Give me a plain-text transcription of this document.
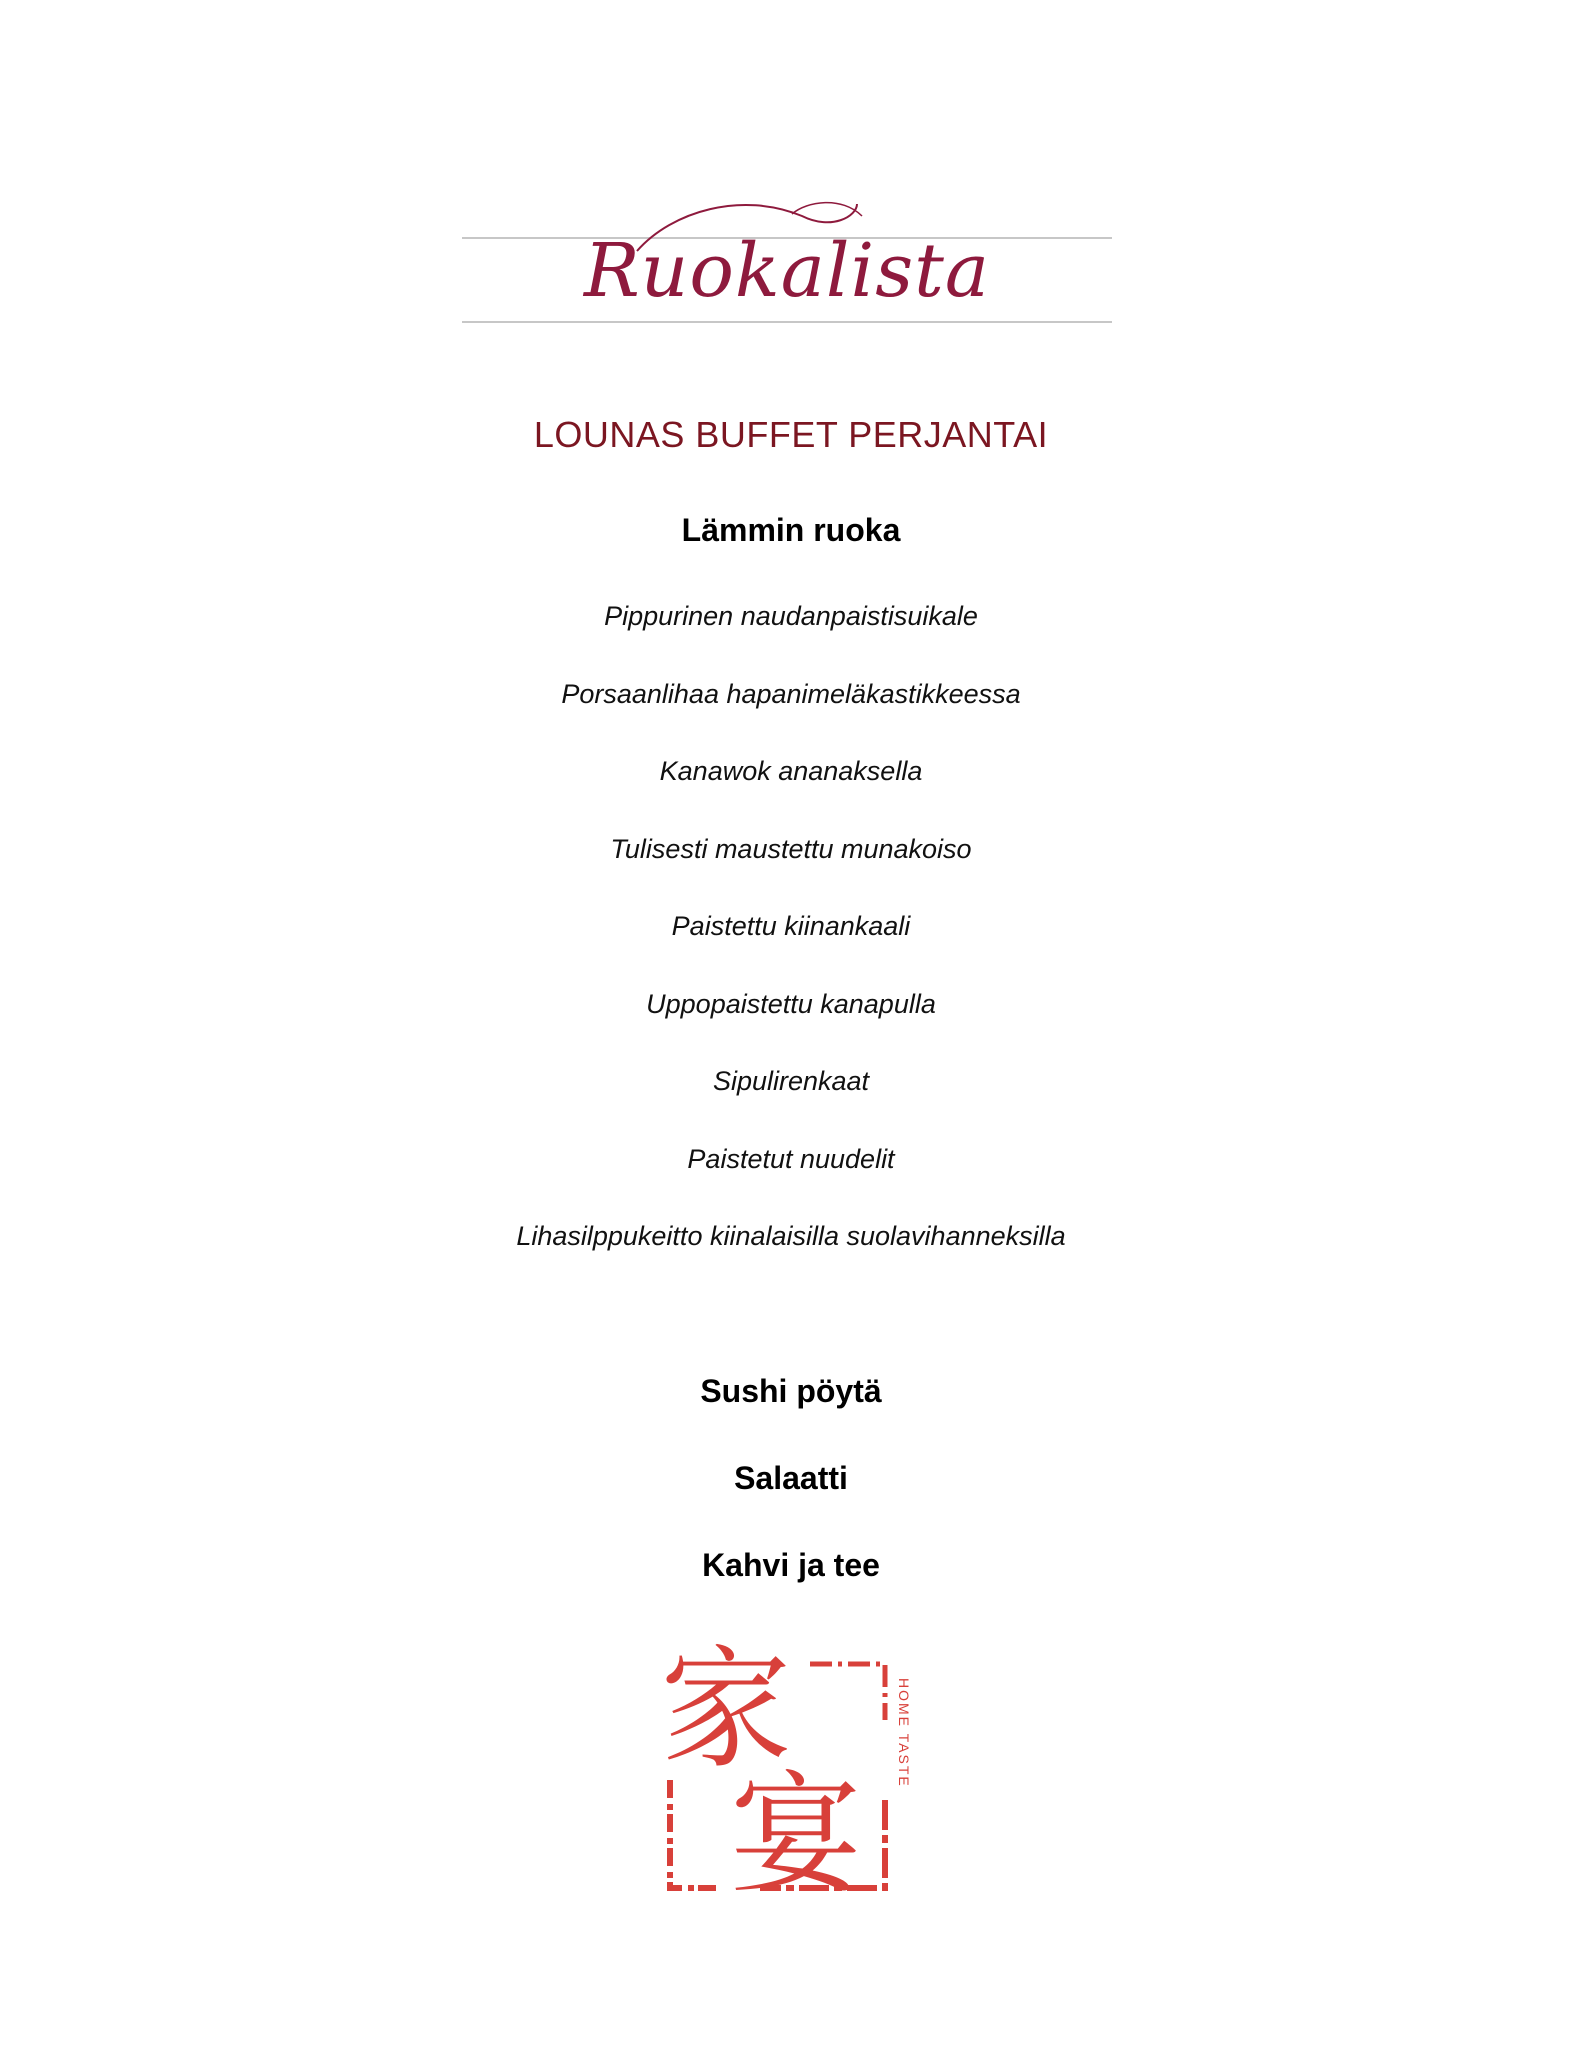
Ruokalista
LOUNAS BUFFET PERJANTAI
Lämmin ruoka
Pippurinen naudanpaistisuikale
Porsaanlihaa hapanimeläkastikkeessa
Kanawok ananaksella
Tulisesti maustettu munakoiso
Paistettu kiinankaali
Uppopaistettu kanapulla
Sipulirenkaat
Paistetut nuudelit
Lihasilppukeitto kiinalaisilla suolavihanneksilla
Sushi pöytä
Salaatti
Kahvi ja tee
家
宴
HOME TASTE
